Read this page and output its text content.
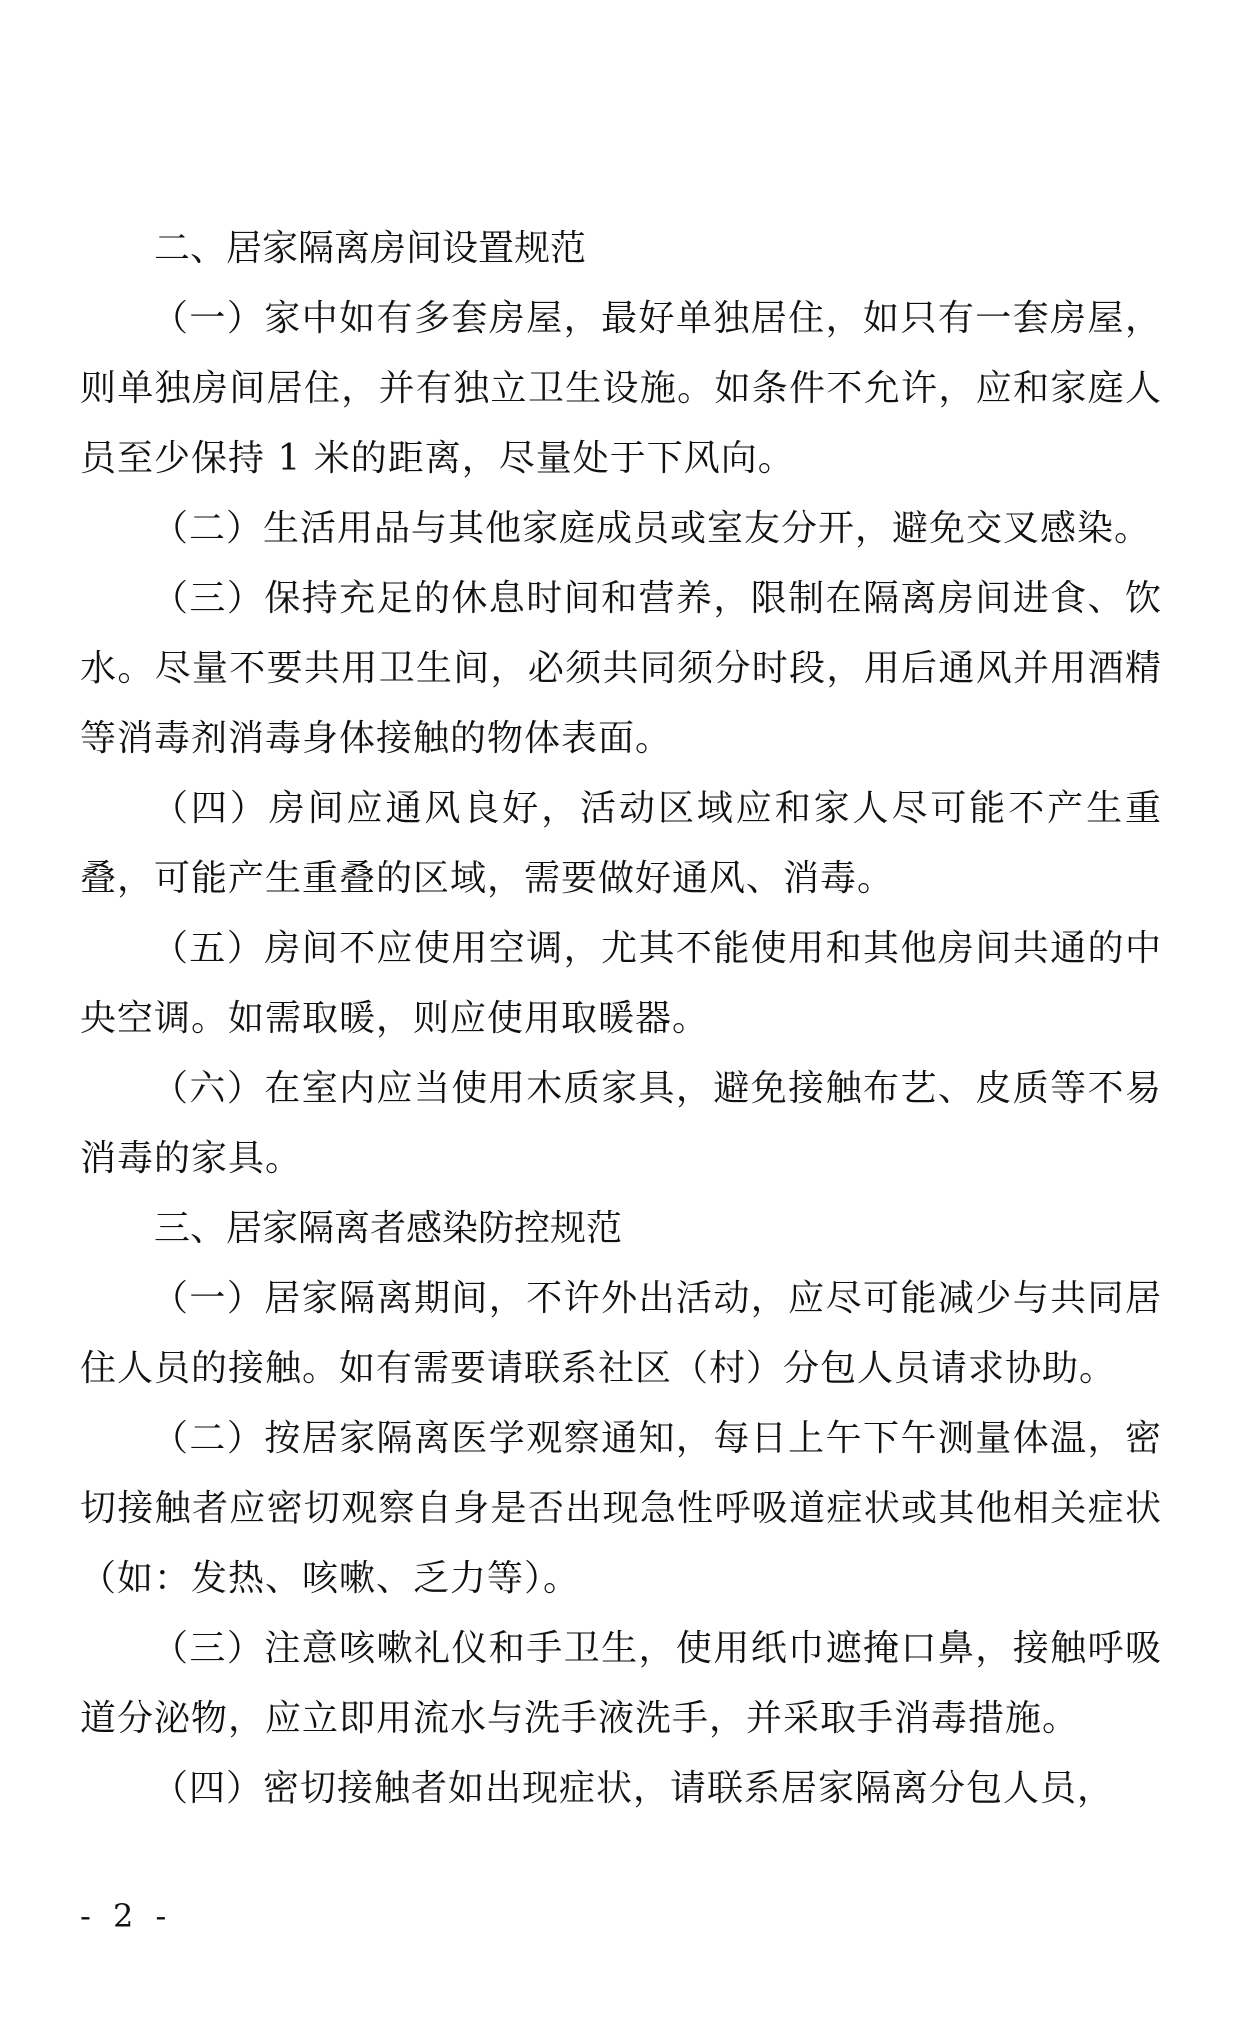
二、居家隔离房间设置规范

（一）家中如有多套房屋，最好单独居住，如只有一套房屋，则单独房间居住，并有独立卫生设施。如条件不允许，应和家庭人员至少保持 1 米的距离，尽量处于下风向。

（二）生活用品与其他家庭成员或室友分开，避免交叉感染。

（三）保持充足的休息时间和营养，限制在隔离房间进食、饮水。尽量不要共用卫生间，必须共同须分时段，用后通风并用酒精等消毒剂消毒身体接触的物体表面。

（四）房间应通风良好，活动区域应和家人尽可能不产生重叠，可能产生重叠的区域，需要做好通风、消毒。

（五）房间不应使用空调，尤其不能使用和其他房间共通的中央空调。如需取暖，则应使用取暖器。

（六）在室内应当使用木质家具，避免接触布艺、皮质等不易消毒的家具。

三、居家隔离者感染防控规范

（一）居家隔离期间，不许外出活动，应尽可能减少与共同居住人员的接触。如有需要请联系社区（村）分包人员请求协助。

（二）按居家隔离医学观察通知，每日上午下午测量体温，密切接触者应密切观察自身是否出现急性呼吸道症状或其他相关症状（如：发热、咳嗽、乏力等）。

（三）注意咳嗽礼仪和手卫生，使用纸巾遮掩口鼻，接触呼吸道分泌物，应立即用流水与洗手液洗手，并采取手消毒措施。

（四）密切接触者如出现症状，请联系居家隔离分包人员，

- 2 -
